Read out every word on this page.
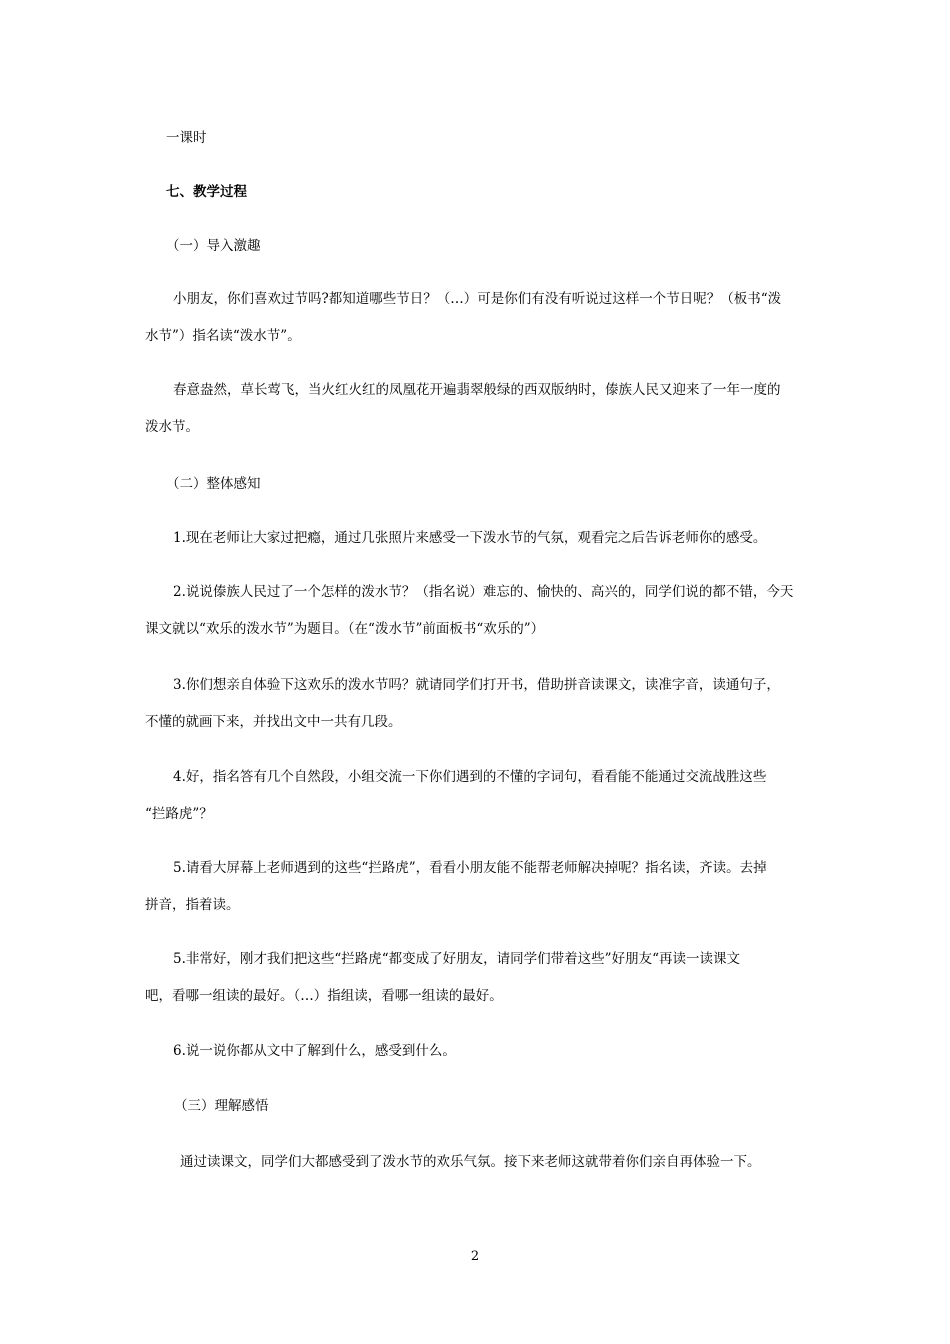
一课时
七、教学过程
（一）导入激趣
小朋友，你们喜欢过节吗?都知道哪些节日？（…）可是你们有没有听说过这样一个节日呢？（板书“泼
水节”）指名读“泼水节”。
春意盎然，草长莺飞，当火红火红的凤凰花开遍翡翠般绿的西双版纳时，傣族人民又迎来了一年一度的
泼水节。
（二）整体感知
1.现在老师让大家过把瘾，通过几张照片来感受一下泼水节的气氛，观看完之后告诉老师你的感受。
2.说说傣族人民过了一个怎样的泼水节？（指名说）难忘的、愉快的、高兴的，同学们说的都不错，今天
课文就以“欢乐的泼水节”为题目。（在“泼水节”前面板书“欢乐的”）
3.你们想亲自体验下这欢乐的泼水节吗？就请同学们打开书，借助拼音读课文，读准字音，读通句子，
不懂的就画下来，并找出文中一共有几段。
4.好，指名答有几个自然段，小组交流一下你们遇到的不懂的字词句，看看能不能通过交流战胜这些
“拦路虎”？
5.请看大屏幕上老师遇到的这些“拦路虎”，看看小朋友能不能帮老师解决掉呢？指名读，齐读。去掉
拼音，指着读。
5.非常好，刚才我们把这些“拦路虎“都变成了好朋友，请同学们带着这些”好朋友“再读一读课文
吧，看哪一组读的最好。（…）指组读，看哪一组读的最好。
6.说一说你都从文中了解到什么，感受到什么。
（三）理解感悟
通过读课文，同学们大都感受到了泼水节的欢乐气氛。接下来老师这就带着你们亲自再体验一下。
2
